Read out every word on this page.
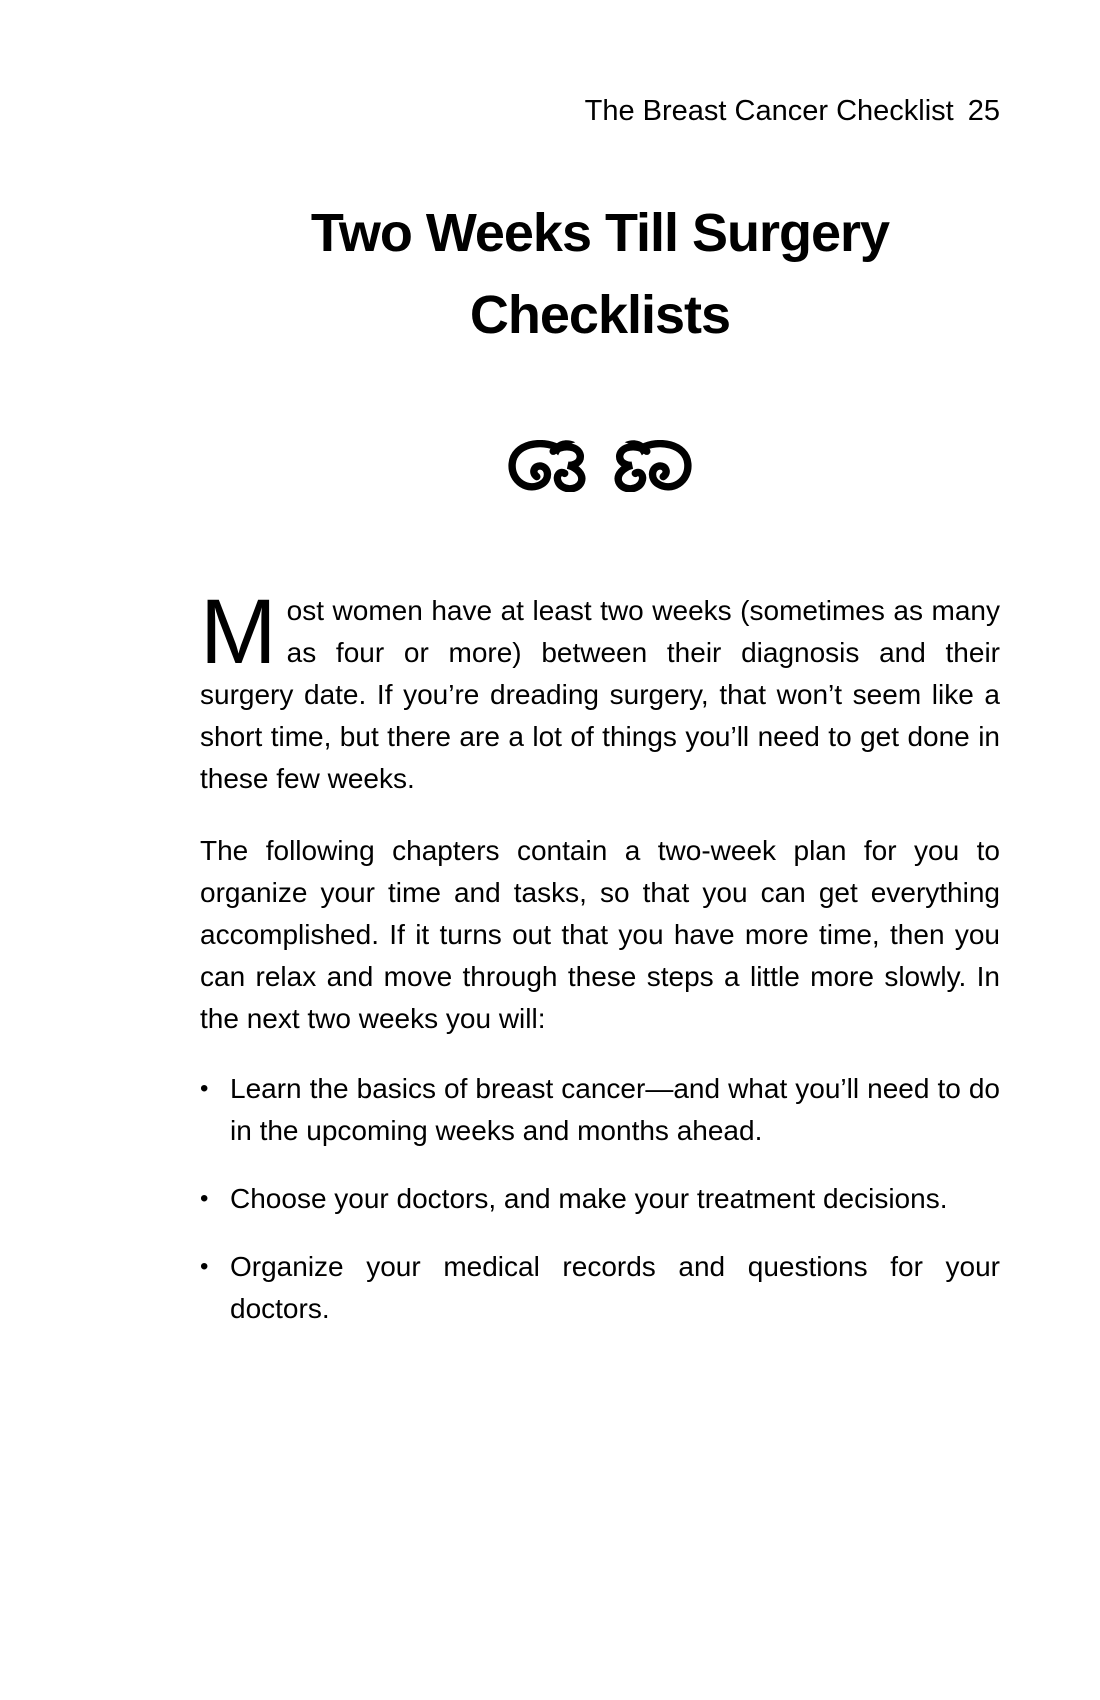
The Breast Cancer Checklist 25
Two Weeks Till Surgery
Checklists

Most women have at least two weeks (sometimes as many as four or more) between their diagnosis and their surgery date. If you’re dreading surgery, that won’t seem like a short time, but there are a lot of things you’ll need to get done in these few weeks.

The following chapters contain a two-week plan for you to organize your time and tasks, so that you can get everything accomplished. If it turns out that you have more time, then you can relax and move through these steps a little more slowly. In the next two weeks you will:

• Learn the basics of breast cancer—and what you’ll need to do in the upcoming weeks and months ahead.
• Choose your doctors, and make your treatment decisions.
• Organize your medical records and questions for your doctors.
